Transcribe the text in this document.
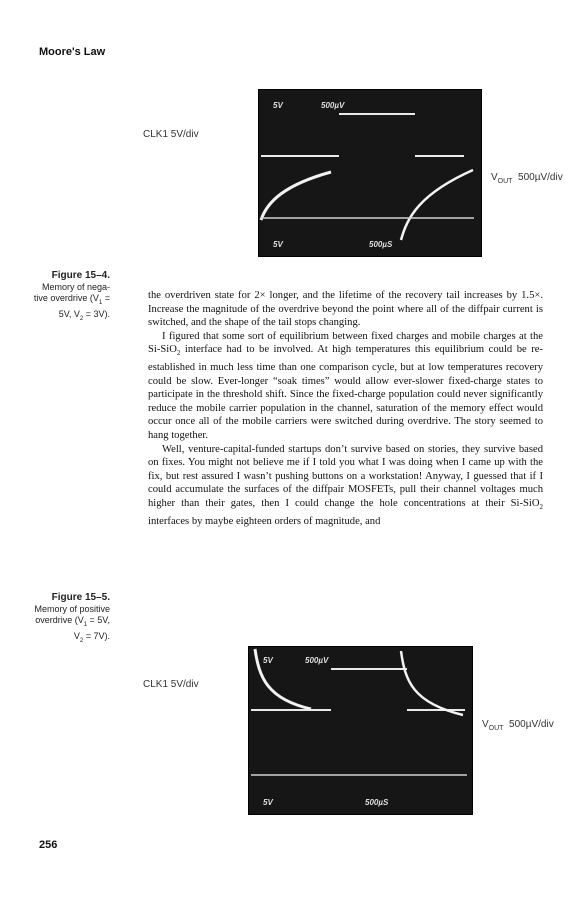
Moore's Law
CLK1 5V/div
5V	500µV
5V	500µS
$V_{OUT}$ 500µV/div
Figure 15–4.
Memory of nega-
tive overdrive ($V_1$ =
5V, $V_2 = 3V$).

the overdriven state for 2× longer, and the lifetime of the recovery tail increases by 1.5×. Increase the magnitude of the overdrive beyond the point where all of the diffpair current is switched, and the shape of the tail stops changing.

I figured that some sort of equilibrium between fixed charges and mobile charges at the Si-SiO$_2$ interface had to be involved. At high temperatures this equilibrium could be re-established in much less time than one comparison cycle, but at low temperatures recovery could be slow. Ever-longer “soak times” would allow ever-slower fixed-charge states to participate in the threshold shift. Since the fixed-charge population could never significantly reduce the mobile carrier population in the channel, saturation of the memory effect would occur once all of the mobile carriers were switched during overdrive. The story seemed to hang together.

Well, venture-capital-funded startups don’t survive based on stories, they survive based on fixes. You might not believe me if I told you what I was doing when I came up with the fix, but rest assured I wasn’t pushing buttons on a workstation! Anyway, I guessed that if I could accumulate the surfaces of the diffpair MOSFETs, pull their channel voltages much higher than their gates, then I could change the hole concentrations at their Si-SiO$_2$ interfaces by maybe eighteen orders of magnitude, and

Figure 15–5.
Memory of positive
overdrive ($V_1 = 5V$,
$V_2 = 7V$).
CLK1 5V/div
5V	500µV
5V	500µS
$V_{OUT}$ 500µV/div
256
